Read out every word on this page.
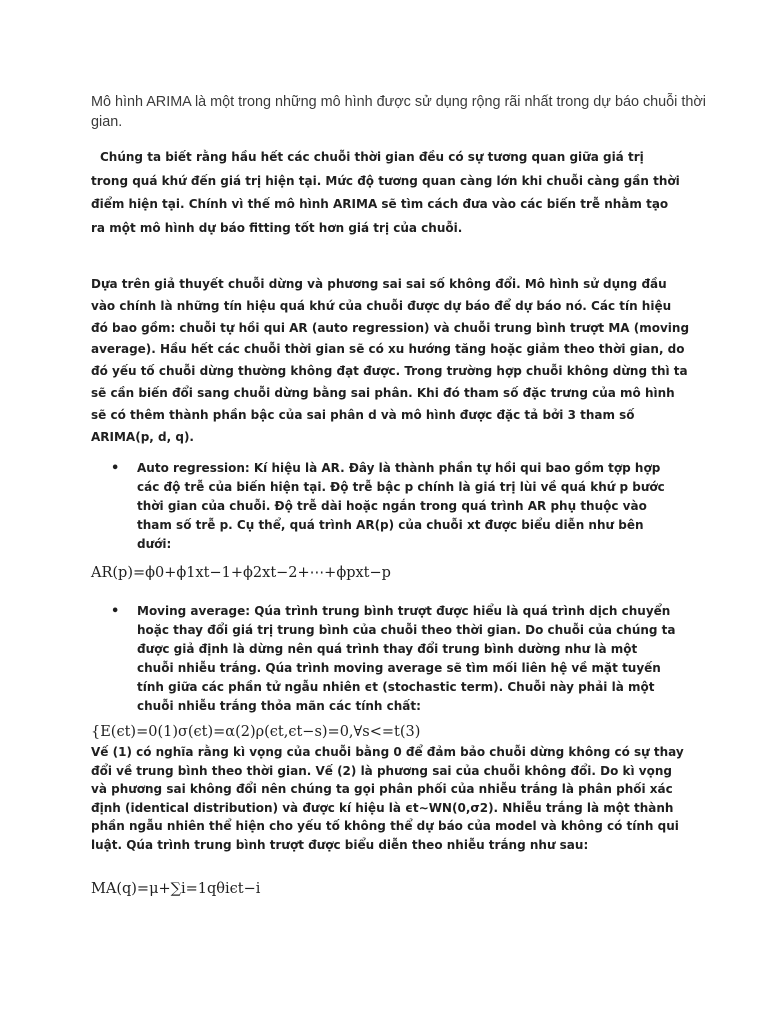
Mô hình ARIMA là một trong những mô hình được sử dụng rộng rãi nhất trong dự báo chuỗi thời gian.

Chúng ta biết rằng hầu hết các chuỗi thời gian đều có sự tương quan giữa giá trị trong quá khứ đến giá trị hiện tại. Mức độ tương quan càng lớn khi chuỗi càng gần thời điểm hiện tại. Chính vì thế mô hình ARIMA sẽ tìm cách đưa vào các biến trễ nhằm tạo ra một mô hình dự báo fitting tốt hơn giá trị của chuỗi.

Dựa trên giả thuyết chuỗi dừng và phương sai sai số không đổi. Mô hình sử dụng đầu vào chính là những tín hiệu quá khứ của chuỗi được dự báo để dự báo nó. Các tín hiệu đó bao gồm: chuỗi tự hồi qui AR (auto regression) và chuỗi trung bình trượt MA (moving average). Hầu hết các chuỗi thời gian sẽ có xu hướng tăng hoặc giảm theo thời gian, do đó yếu tố chuỗi dừng thường không đạt được. Trong trường hợp chuỗi không dừng thì ta sẽ cần biến đổi sang chuỗi dừng bằng sai phân. Khi đó tham số đặc trưng của mô hình sẽ có thêm thành phần bậc của sai phân d và mô hình được đặc tả bởi 3 tham số ARIMA(p, d, q).

• Auto regression: Kí hiệu là AR. Đây là thành phần tự hồi qui bao gồm tợp hợp các độ trễ của biến hiện tại. Độ trễ bậc p chính là giá trị lùi về quá khứ p bước thời gian của chuỗi. Độ trễ dài hoặc ngắn trong quá trình AR phụ thuộc vào tham số trễ p. Cụ thể, quá trình AR(p) của chuỗi xt được biểu diễn như bên dưới:

AR(p)=ϕ0+ϕ1xt−1+ϕ2xt−2+⋯+ϕpxt−p

• Moving average: Qúa trình trung bình trượt được hiểu là quá trình dịch chuyển hoặc thay đổi giá trị trung bình của chuỗi theo thời gian. Do chuỗi của chúng ta được giả định là dừng nên quá trình thay đổi trung bình dường như là một chuỗi nhiễu trắng. Qúa trình moving average sẽ tìm mối liên hệ về mặt tuyến tính giữa các phần tử ngẫu nhiên ϵt (stochastic term). Chuỗi này phải là một chuỗi nhiễu trắng thỏa mãn các tính chất:

{E(ϵt)=0(1)σ(ϵt)=α(2)ρ(ϵt,ϵt−s)=0,∀s<=t(3)

Vế (1) có nghĩa rằng kì vọng của chuỗi bằng 0 để đảm bảo chuỗi dừng không có sự thay đổi về trung bình theo thời gian. Vế (2) là phương sai của chuỗi không đổi. Do kì vọng và phương sai không đổi nên chúng ta gọi phân phối của nhiễu trắng là phân phối xác định (identical distribution) và được kí hiệu là ϵt∼WN(0,σ2). Nhiễu trắng là một thành phần ngẫu nhiên thể hiện cho yếu tố không thể dự báo của model và không có tính qui luật. Qúa trình trung bình trượt được biểu diễn theo nhiễu trắng như sau:

MA(q)=μ+∑i=1qθiϵt−i
